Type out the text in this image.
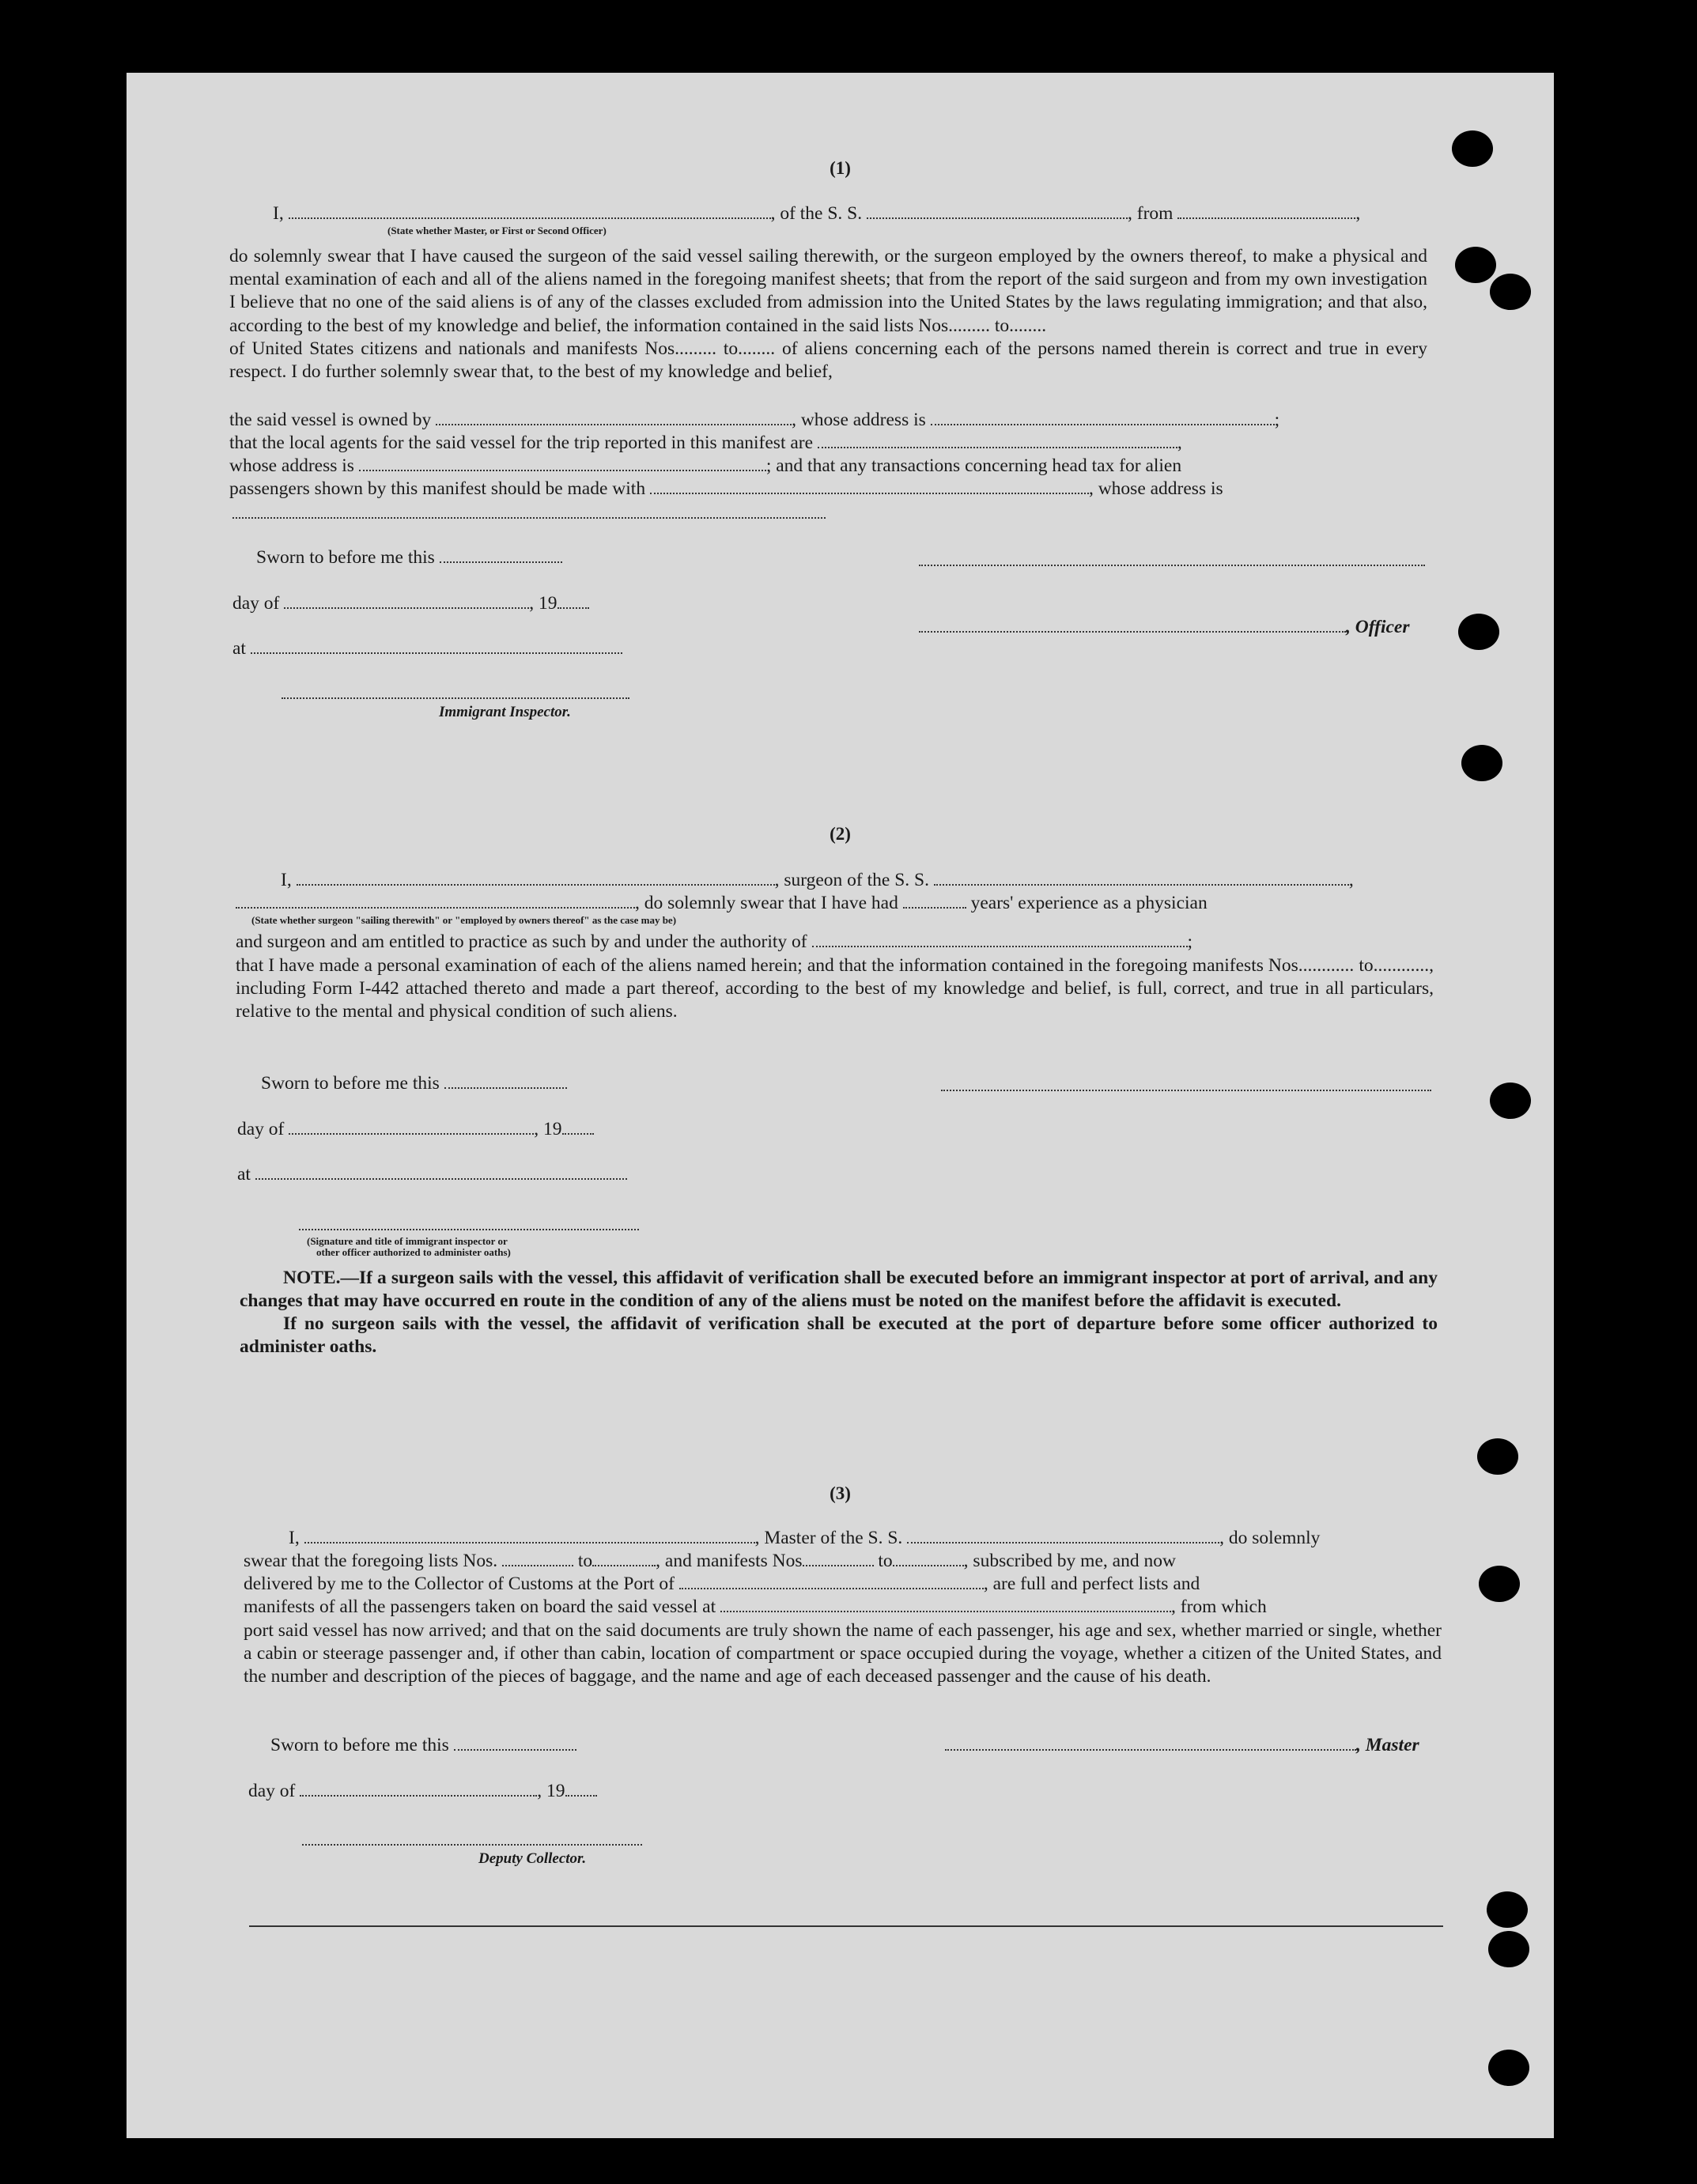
(1)
I,	, of the S. S.	, from	,
(State whether Master, or First or Second Officer)

do solemnly swear that I have caused the surgeon of the said vessel sailing therewith, or the surgeon employed by the owners thereof, to make a physical and mental examination of each and all of the aliens named in the foregoing manifest sheets; that from the report of the said surgeon and from my own investigation I believe that no one of the said aliens is of any of the classes excluded from admission into the United States by the laws regulating immigration; and that also, according to the best of my knowledge and belief, the information contained in the said lists Nos......... to........

of United States citizens and nationals and manifests Nos......... to........ of aliens concerning each of the persons named therein is correct and true in every respect. I do further solemnly swear that, to the best of my knowledge and belief,

the said vessel is owned by	, whose address is	;
that the local agents for the said vessel for the trip reported in this manifest are	,
whose address is	; and that any transactions concerning head tax for alien
passengers shown by this manifest should be made with	, whose address is
Sworn to before me this
day of	, 19
, Officer
at
Immigrant Inspector.
(2)
I,	, surgeon of the S. S.	,
, do solemnly swear that I have had	years' experience as a physician
(State whether surgeon "sailing therewith" or "employed by owners thereof" as the case may be)
and surgeon and am entitled to practice as such by and under the authority of	;

that I have made a personal examination of each of the aliens named herein; and that the information contained in the foregoing manifests Nos............ to............, including Form I-442 attached thereto and made a part thereof, according to the best of my knowledge and belief, is full, correct, and true in all particulars, relative to the mental and physical condition of such aliens.

Sworn to before me this
day of	, 19
at
(Signature and title of immigrant inspector or
other officer authorized to administer oaths)

NOTE.—If a surgeon sails with the vessel, this affidavit of verification shall be executed before an immigrant inspector at port of arrival, and any changes that may have occurred en route in the condition of any of the aliens must be noted on the manifest before the affidavit is executed.

If no surgeon sails with the vessel, the affidavit of verification shall be executed at the port of departure before some officer authorized to administer oaths.

(3)
I,	, Master of the S. S.	, do solemnly
swear that the foregoing lists Nos.	to	, and manifests Nos	to	, subscribed by me, and now
delivered by me to the Collector of Customs at the Port of	, are full and perfect lists and
manifests of all the passengers taken on board the said vessel at	, from which

port said vessel has now arrived; and that on the said documents are truly shown the name of each passenger, his age and sex, whether married or single, whether a cabin or steerage passenger and, if other than cabin, location of compartment or space occupied during the voyage, whether a citizen of the United States, and the number and description of the pieces of baggage, and the name and age of each deceased passenger and the cause of his death.

Sworn to before me this	, Master
day of	, 19
Deputy Collector.
